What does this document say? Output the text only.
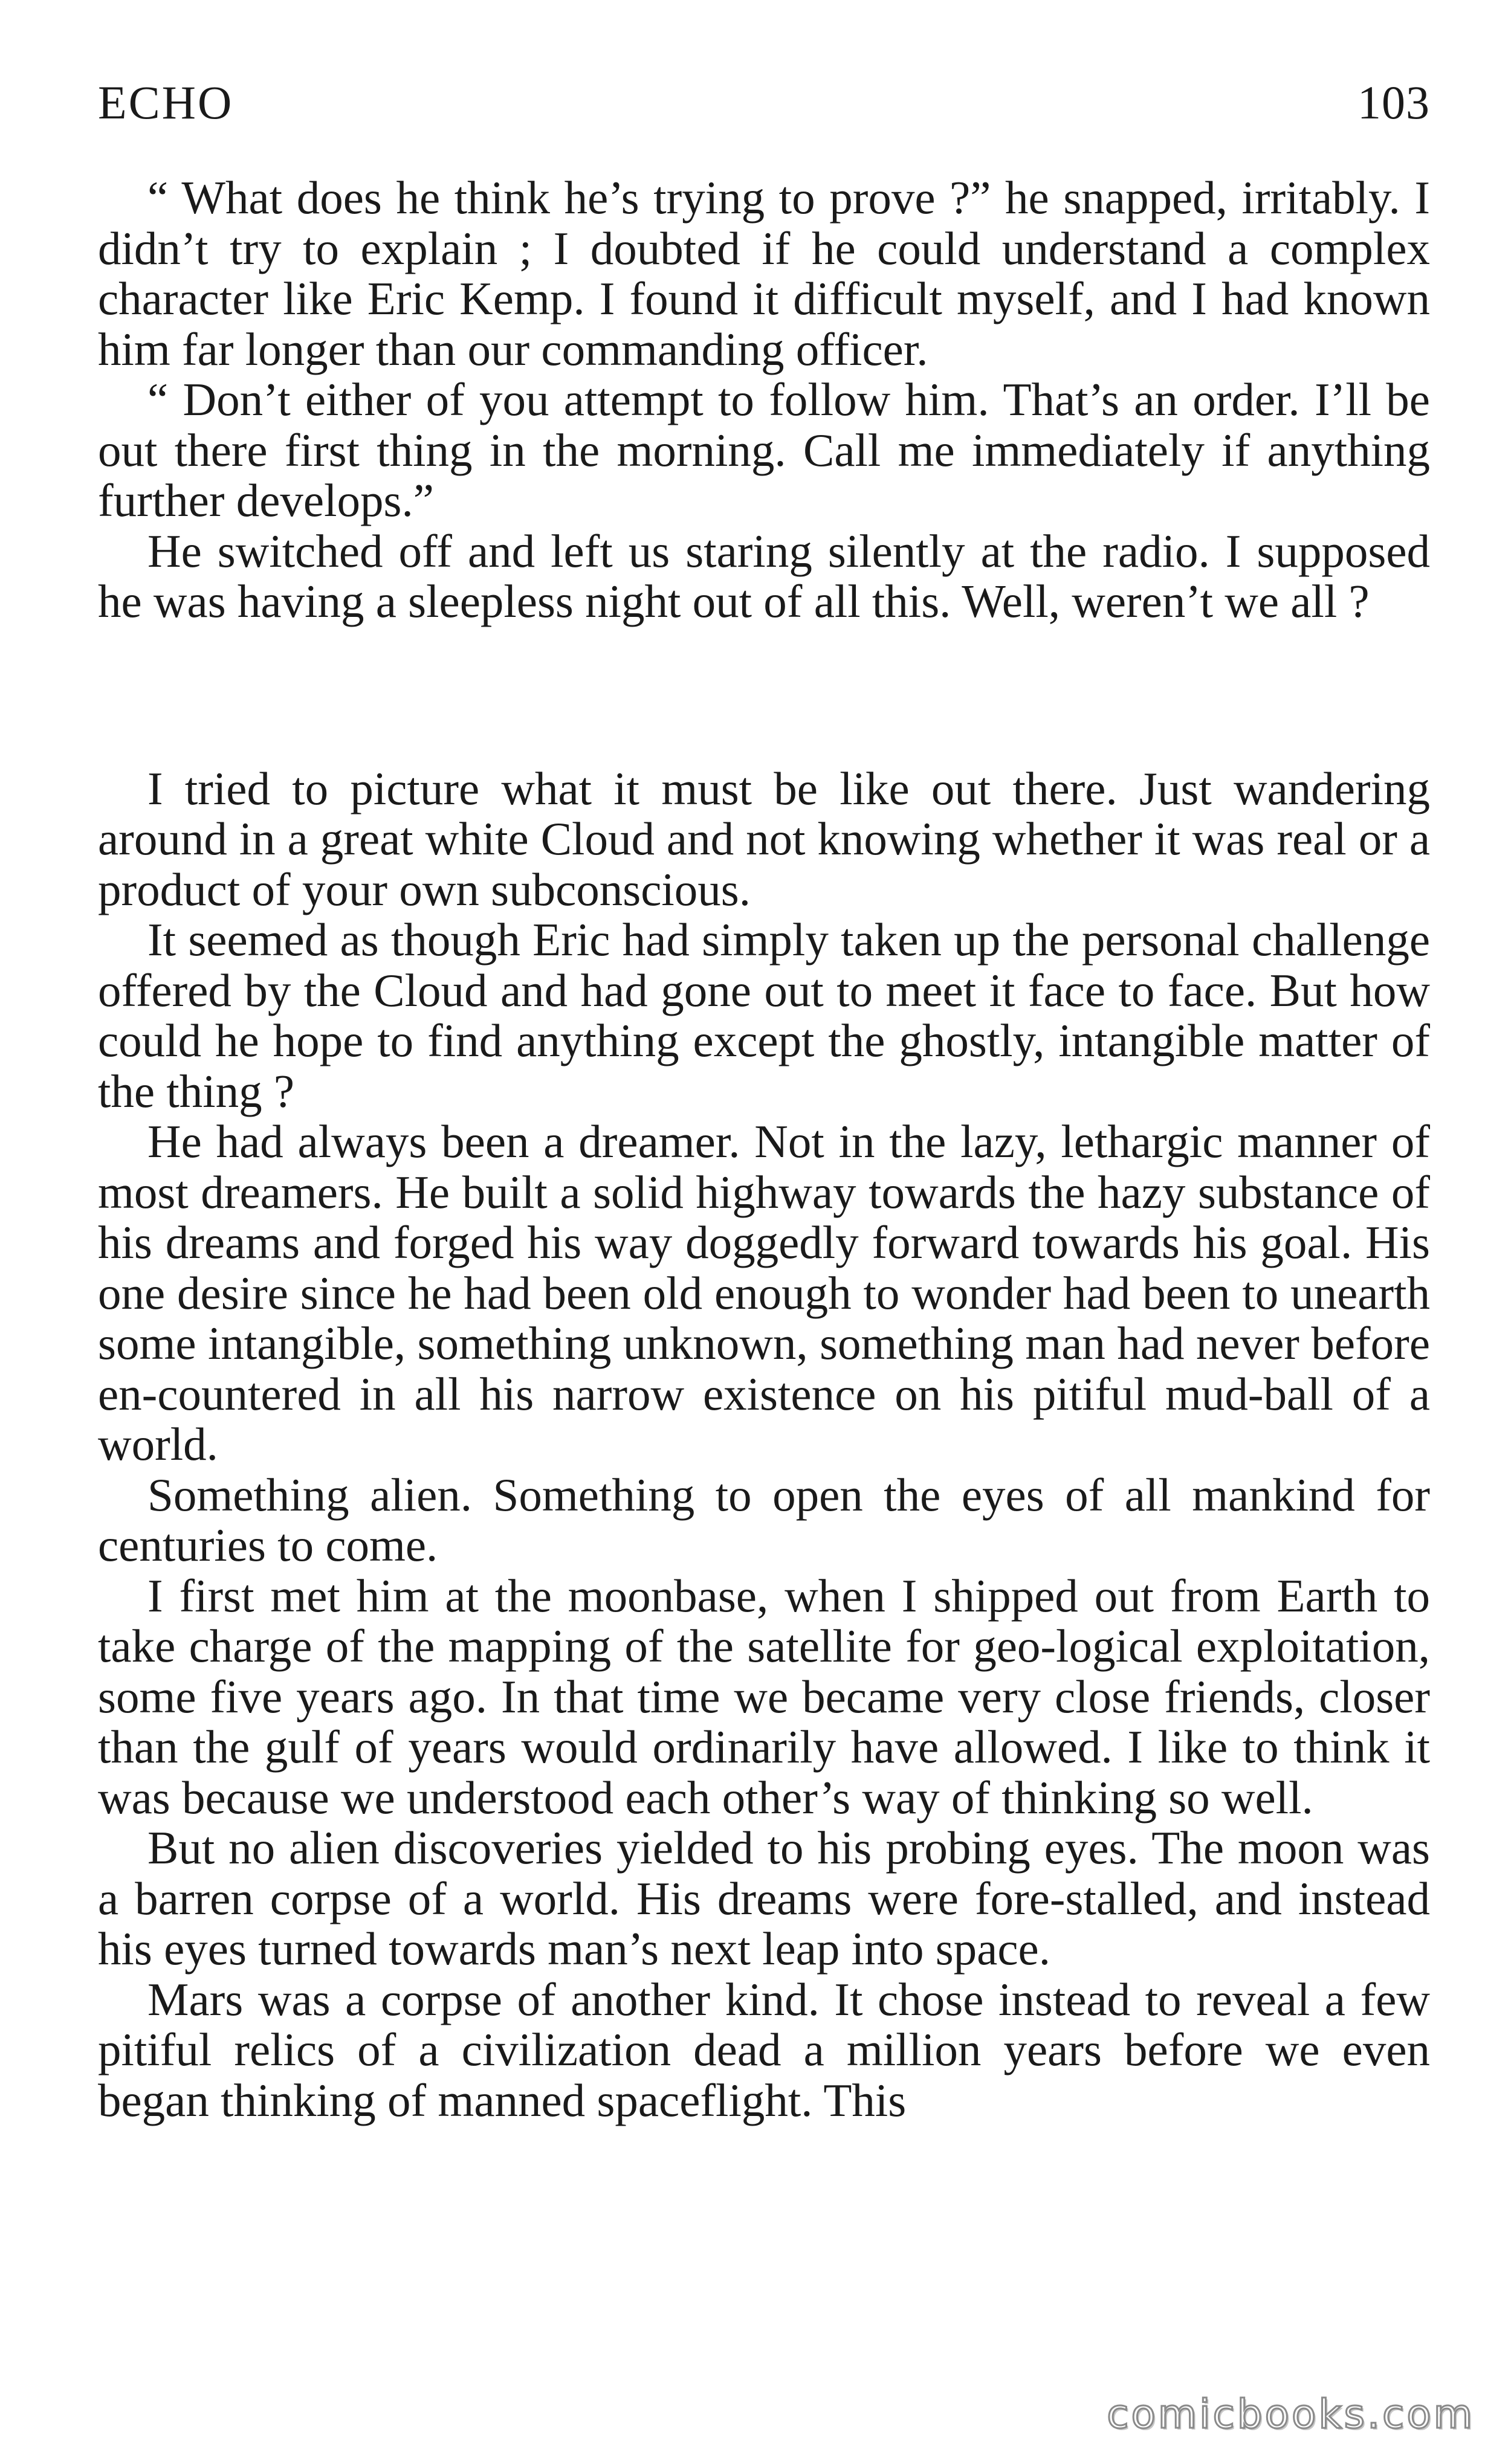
ECHO	103

“ What does he think he’s trying to prove ?” he snapped, irritably. I didn’t try to explain ; I doubted if he could understand a complex character like Eric Kemp. I found it difficult myself, and I had known him far longer than our commanding officer.

“ Don’t either of you attempt to follow him. That’s an order. I’ll be out there first thing in the morning. Call me immediately if anything further develops.”

He switched off and left us staring silently at the radio. I supposed he was having a sleepless night out of all this. Well, weren’t we all ?

I tried to picture what it must be like out there. Just wandering around in a great white Cloud and not knowing whether it was real or a product of your own subconscious.

It seemed as though Eric had simply taken up the personal challenge offered by the Cloud and had gone out to meet it face to face. But how could he hope to find anything except the ghostly, intangible matter of the thing ?

He had always been a dreamer. Not in the lazy, lethargic manner of most dreamers. He built a solid highway towards the hazy substance of his dreams and forged his way doggedly forward towards his goal. His one desire since he had been old enough to wonder had been to unearth some intangible, something unknown, something man had never before en-countered in all his narrow existence on his pitiful mud-ball of a world.

Something alien. Something to open the eyes of all mankind for centuries to come.

I first met him at the moonbase, when I shipped out from Earth to take charge of the mapping of the satellite for geo-logical exploitation, some five years ago. In that time we became very close friends, closer than the gulf of years would ordinarily have allowed. I like to think it was because we understood each other’s way of thinking so well.

But no alien discoveries yielded to his probing eyes. The moon was a barren corpse of a world. His dreams were fore-stalled, and instead his eyes turned towards man’s next leap into space.

Mars was a corpse of another kind. It chose instead to reveal a few pitiful relics of a civilization dead a million years before we even began thinking of manned spaceflight. This

comicbooks.com
